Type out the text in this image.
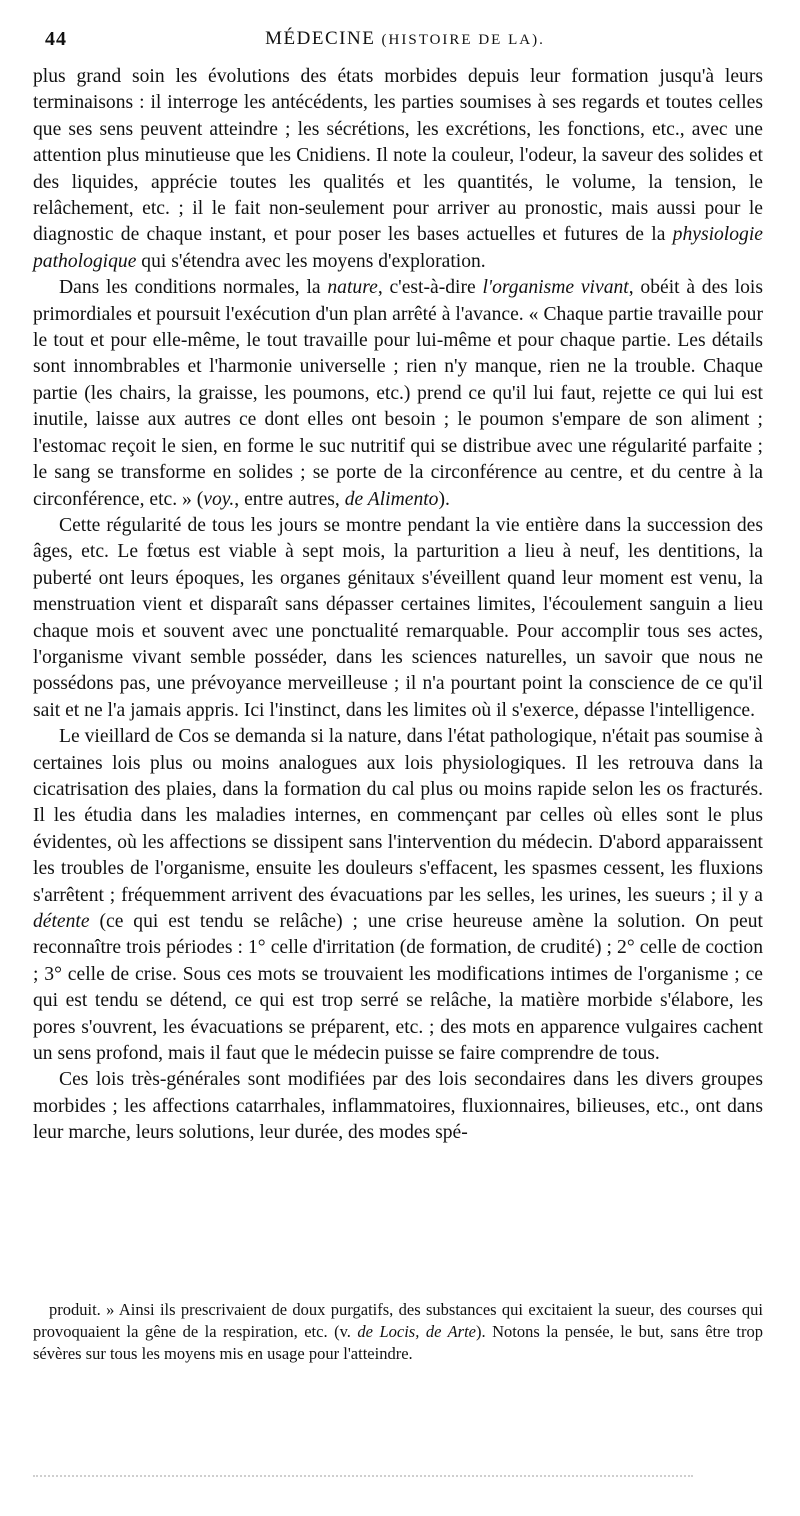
44	MÉDECINE (HISTOIRE DE LA).

plus grand soin les évolutions des états morbides depuis leur formation jusqu'à leurs terminaisons : il interroge les antécédents, les parties soumises à ses regards et toutes celles que ses sens peuvent atteindre ; les sécrétions, les excrétions, les fonctions, etc., avec une attention plus minutieuse que les Cnidiens. Il note la couleur, l'odeur, la saveur des solides et des liquides, apprécie toutes les qualités et les quantités, le volume, la tension, le relâchement, etc. ; il le fait non-seulement pour arriver au pronostic, mais aussi pour le diagnostic de chaque instant, et pour poser les bases actuelles et futures de la physiologie pathologique qui s'étendra avec les moyens d'exploration.

Dans les conditions normales, la nature, c'est-à-dire l'organisme vivant, obéit à des lois primordiales et poursuit l'exécution d'un plan arrêté à l'avance. « Chaque partie travaille pour le tout et pour elle-même, le tout travaille pour lui-même et pour chaque partie. Les détails sont innombrables et l'harmonie universelle ; rien n'y manque, rien ne la trouble. Chaque partie (les chairs, la graisse, les poumons, etc.) prend ce qu'il lui faut, rejette ce qui lui est inutile, laisse aux autres ce dont elles ont besoin ; le poumon s'empare de son aliment ; l'estomac reçoit le sien, en forme le suc nutritif qui se distribue avec une régularité parfaite ; le sang se transforme en solides ; se porte de la circonférence au centre, et du centre à la circonférence, etc. » (voy., entre autres, de Alimento).

Cette régularité de tous les jours se montre pendant la vie entière dans la succession des âges, etc. Le fœtus est viable à sept mois, la parturition a lieu à neuf, les dentitions, la puberté ont leurs époques, les organes génitaux s'éveillent quand leur moment est venu, la menstruation vient et disparaît sans dépasser certaines limites, l'écoulement sanguin a lieu chaque mois et souvent avec une ponctualité remarquable. Pour accomplir tous ses actes, l'organisme vivant semble posséder, dans les sciences naturelles, un savoir que nous ne possédons pas, une prévoyance merveilleuse ; il n'a pourtant point la conscience de ce qu'il sait et ne l'a jamais appris. Ici l'instinct, dans les limites où il s'exerce, dépasse l'intelligence.

Le vieillard de Cos se demanda si la nature, dans l'état pathologique, n'était pas soumise à certaines lois plus ou moins analogues aux lois physiologiques. Il les retrouva dans la cicatrisation des plaies, dans la formation du cal plus ou moins rapide selon les os fracturés. Il les étudia dans les maladies internes, en commençant par celles où elles sont le plus évidentes, où les affections se dissipent sans l'intervention du médecin. D'abord apparaissent les troubles de l'organisme, ensuite les douleurs s'effacent, les spasmes cessent, les fluxions s'arrêtent ; fréquemment arrivent des évacuations par les selles, les urines, les sueurs ; il y a détente (ce qui est tendu se relâche) ; une crise heureuse amène la solution. On peut reconnaître trois périodes : 1° celle d'irritation (de formation, de crudité) ; 2° celle de coction ; 3° celle de crise. Sous ces mots se trouvaient les modifications intimes de l'organisme ; ce qui est tendu se détend, ce qui est trop serré se relâche, la matière morbide s'élabore, les pores s'ouvrent, les évacuations se préparent, etc. ; des mots en apparence vulgaires cachent un sens profond, mais il faut que le médecin puisse se faire comprendre de tous.

Ces lois très-générales sont modifiées par des lois secondaires dans les divers groupes morbides ; les affections catarrhales, inflammatoires, fluxionnaires, bilieuses, etc., ont dans leur marche, leurs solutions, leur durée, des modes spé-

produit. » Ainsi ils prescrivaient de doux purgatifs, des substances qui excitaient la sueur, des courses qui provoquaient la gêne de la respiration, etc. (v. de Locis, de Arte). Notons la pensée, le but, sans être trop sévères sur tous les moyens mis en usage pour l'atteindre.
